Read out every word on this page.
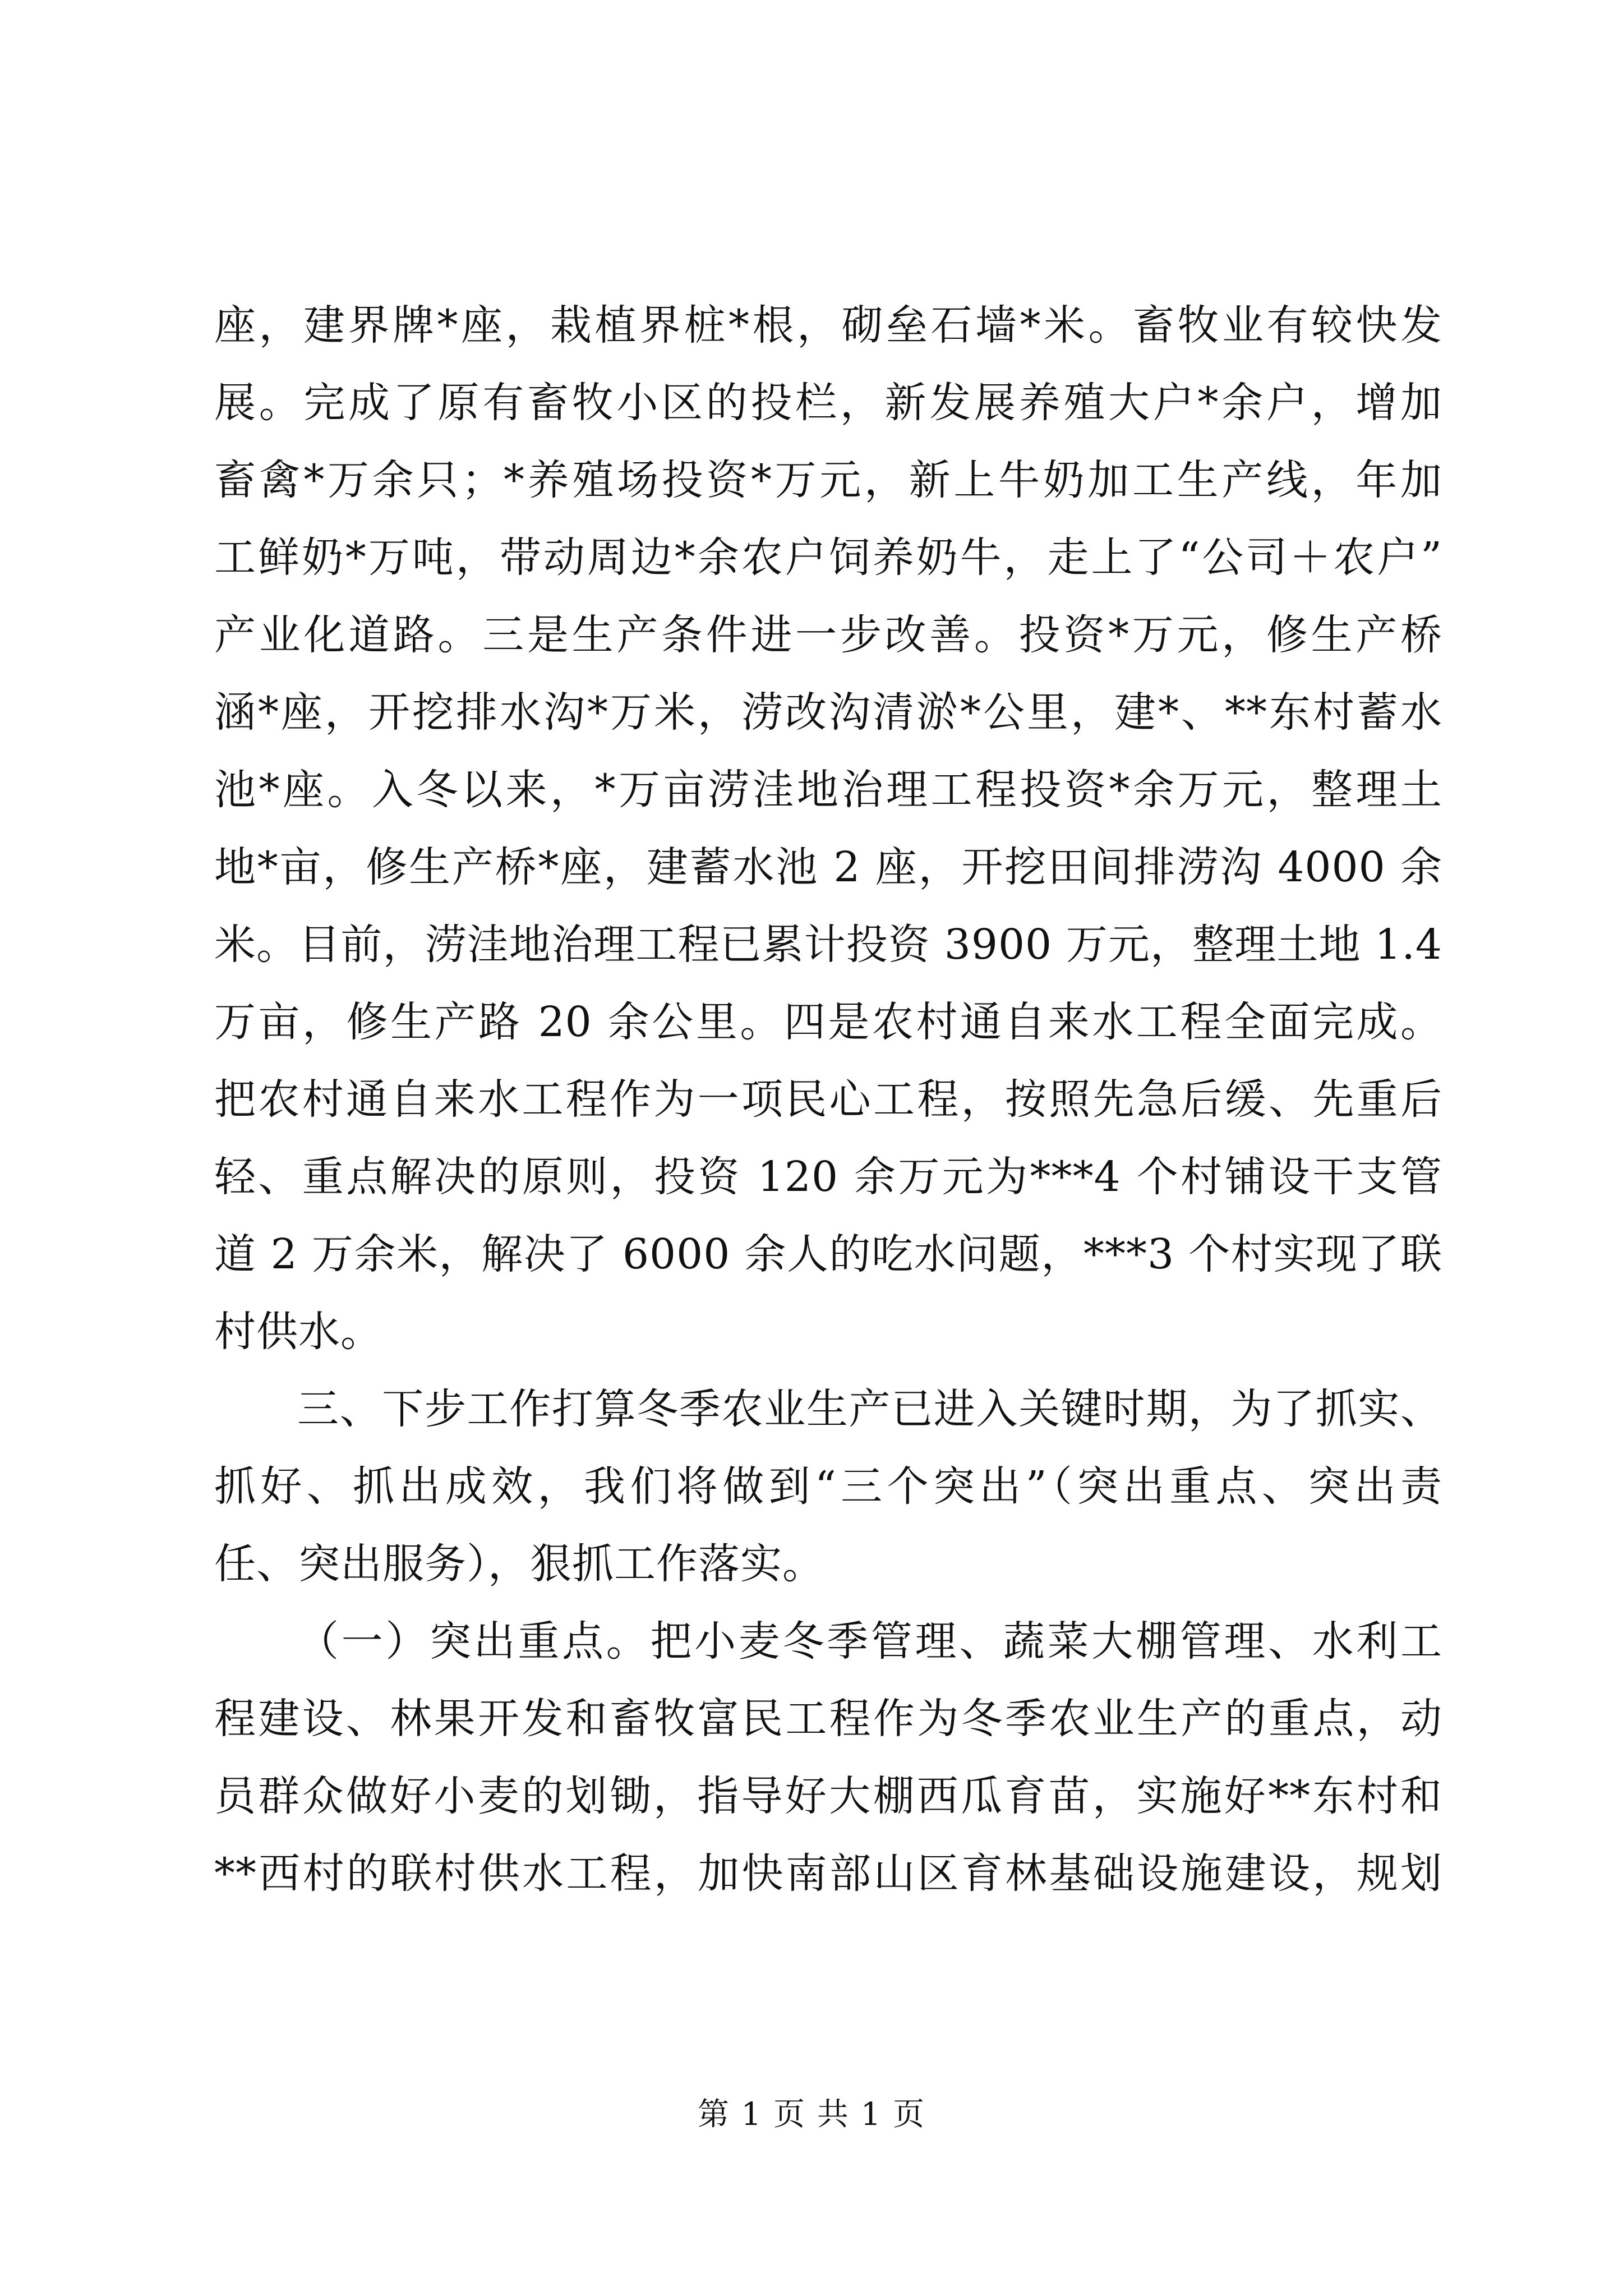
座，建界牌*座，栽植界桩*根，砌垒石墙*米。畜牧业有较快发
展。完成了原有畜牧小区的投栏，新发展养殖大户*余户，增加
畜禽*万余只；*养殖场投资*万元，新上牛奶加工生产线，年加
工鲜奶*万吨，带动周边*余农户饲养奶牛，走上了“公司＋农户”
产业化道路。三是生产条件进一步改善。投资*万元，修生产桥
涵*座，开挖排水沟*万米，涝改沟清淤*公里，建*、**东村蓄水
池*座。入冬以来，*万亩涝洼地治理工程投资*余万元，整理土
地*亩，修生产桥*座，建蓄水池 2 座，开挖田间排涝沟 4000 余
米。目前，涝洼地治理工程已累计投资 3900 万元，整理土地 1.4
万亩，修生产路 20 余公里。四是农村通自来水工程全面完成。
把农村通自来水工程作为一项民心工程，按照先急后缓、先重后
轻、重点解决的原则，投资 120 余万元为***4 个村铺设干支管
道 2 万余米，解决了 6000 余人的吃水问题，***3 个村实现了联
村供水。
三、下步工作打算冬季农业生产已进入关键时期，为了抓实、
抓好、抓出成效，我们将做到“三个突出”（突出重点、突出责
任、突出服务），狠抓工作落实。
（一）突出重点。把小麦冬季管理、蔬菜大棚管理、水利工
程建设、林果开发和畜牧富民工程作为冬季农业生产的重点，动
员群众做好小麦的划锄，指导好大棚西瓜育苗，实施好**东村和
**西村的联村供水工程，加快南部山区育林基础设施建设，规划
第 1 页 共 1 页
